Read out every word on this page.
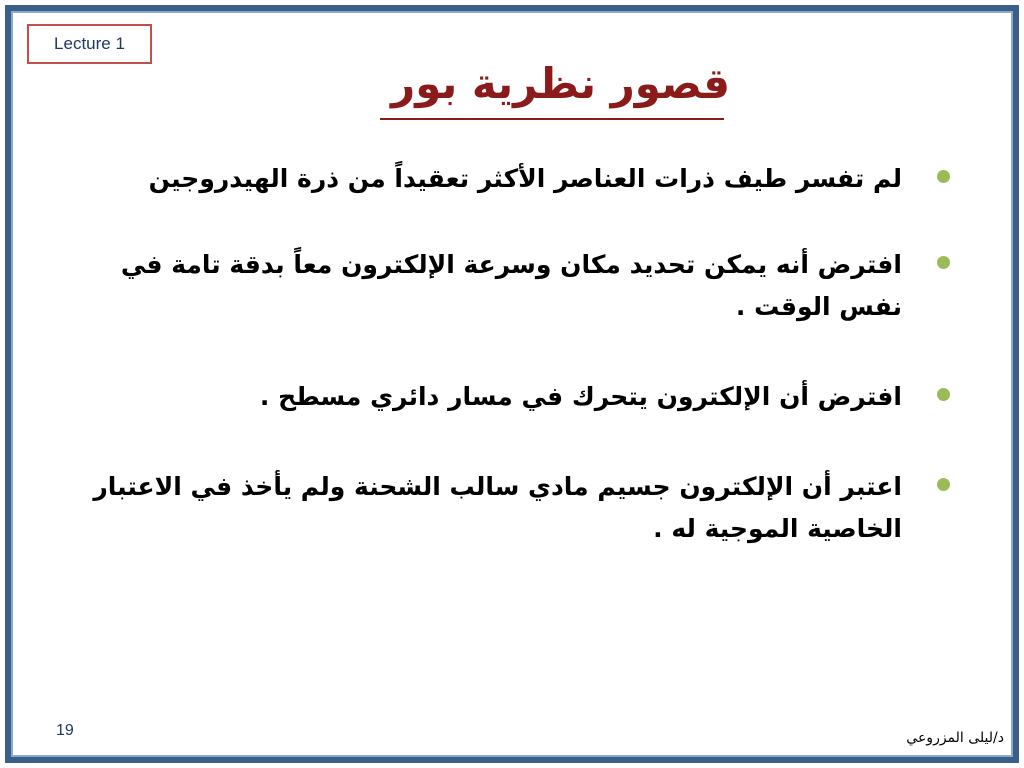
Lecture 1
قصور نظرية بور
لم تفسر طيف ذرات العناصر الأكثر تعقيداً من ذرة الهيدروجين
افترض أنه يمكن تحديد مكان وسرعة الإلكترون معاً بدقة تامة في نفس الوقت .
افترض أن الإلكترون يتحرك في مسار دائري مسطح .
اعتبر أن الإلكترون جسيم مادي سالب الشحنة ولم يأخذ في الاعتبار الخاصية الموجية له .
19	د/ليلى المزروعي
